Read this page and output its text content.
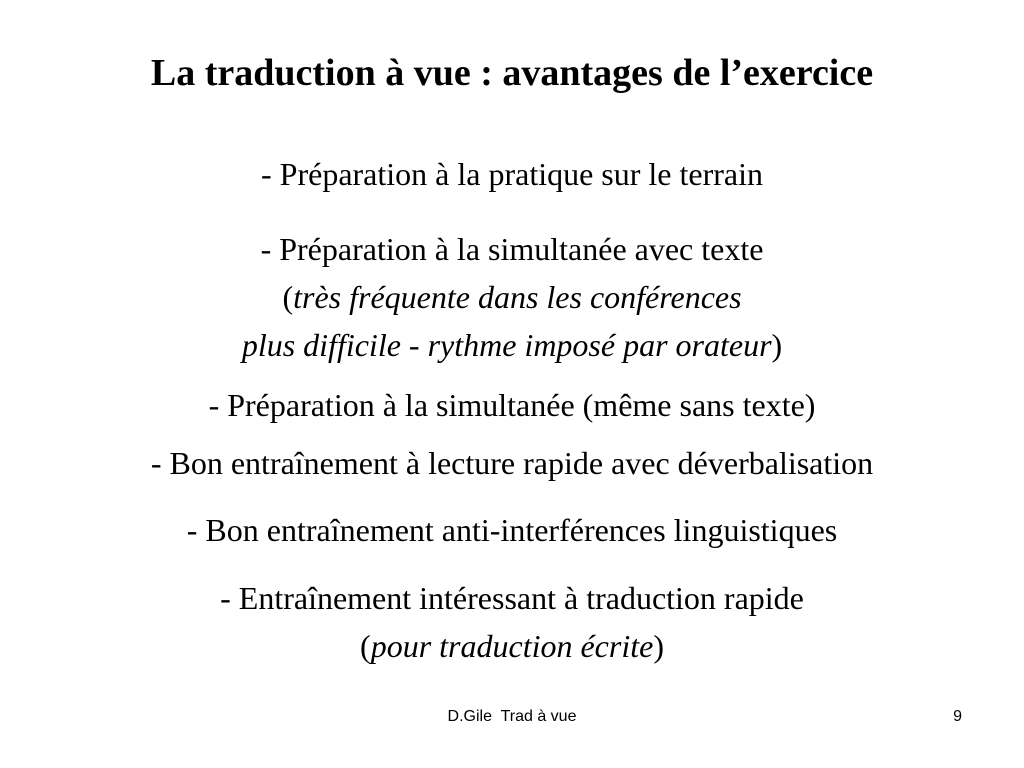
La traduction à vue : avantages de l’exercice
- Préparation à la pratique sur le terrain
- Préparation à la simultanée avec texte
(très fréquente dans les conférences
plus difficile - rythme imposé par orateur)
- Préparation à la simultanée (même sans texte)
- Bon entraînement à lecture rapide avec déverbalisation
- Bon entraînement anti-interférences linguistiques
- Entraînement intéressant à traduction rapide
(pour traduction écrite)
D.Gile  Trad à vue	9
